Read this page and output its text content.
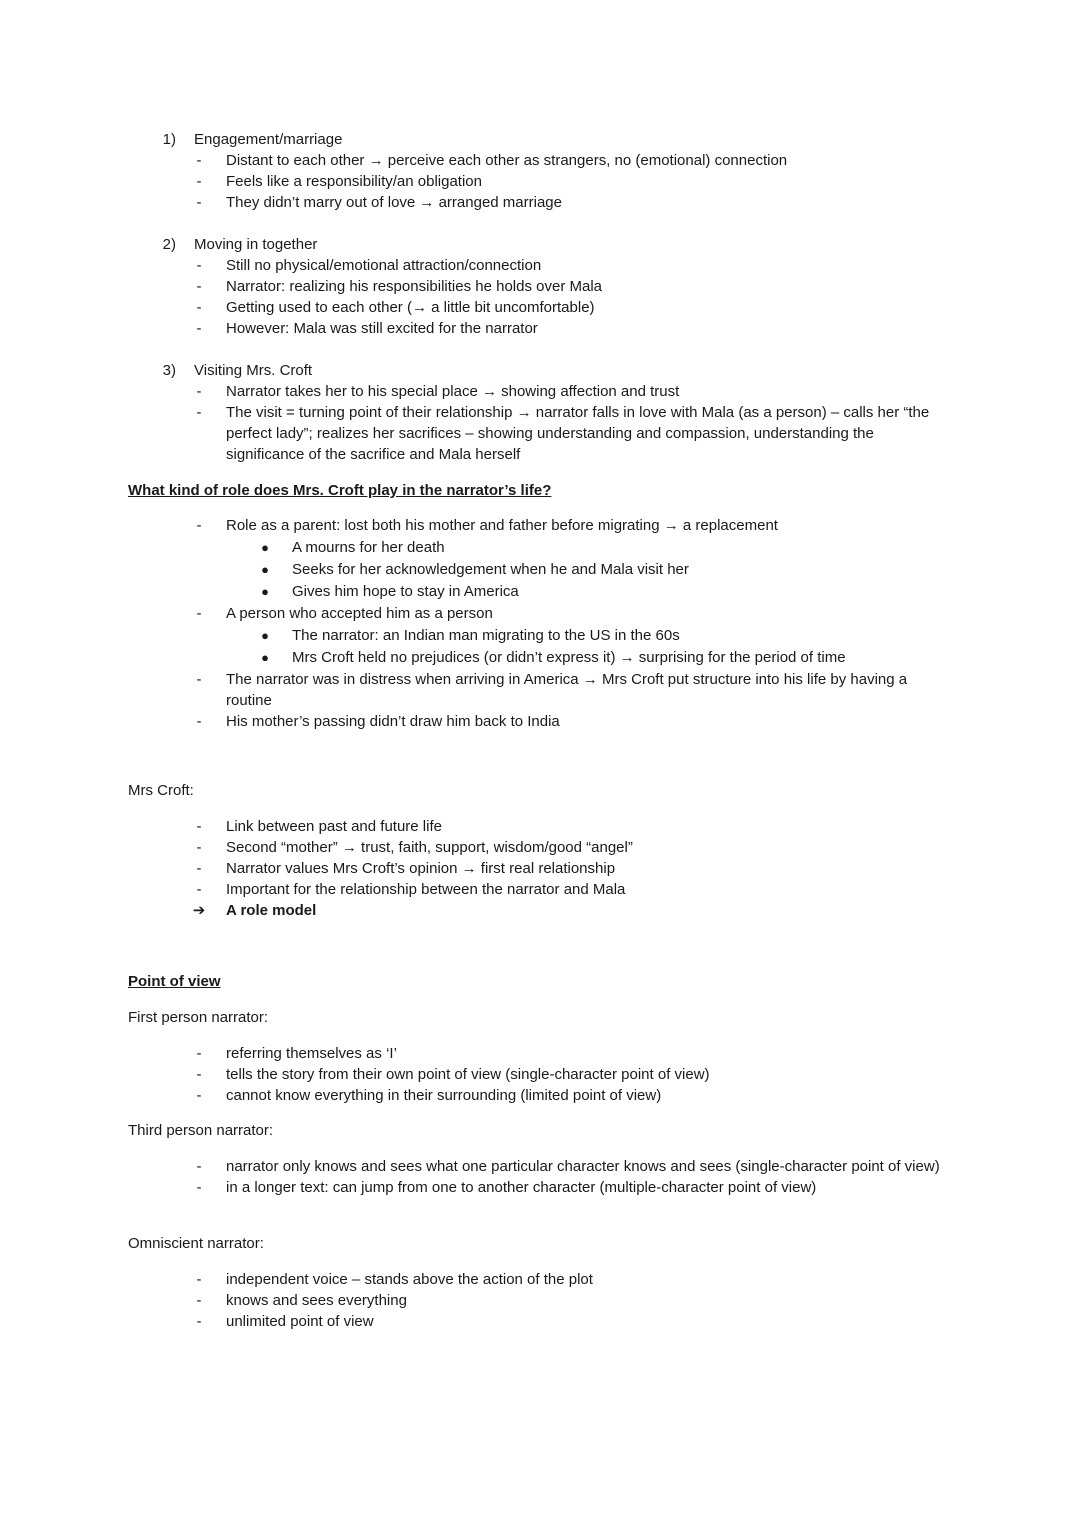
1) Engagement/marriage
- Distant to each other → perceive each other as strangers, no (emotional) connection
- Feels like a responsibility/an obligation
- They didn’t marry out of love → arranged marriage
2) Moving in together
- Still no physical/emotional attraction/connection
- Narrator: realizing his responsibilities he holds over Mala
- Getting used to each other (→ a little bit uncomfortable)
- However: Mala was still excited for the narrator
3) Visiting Mrs. Croft
- Narrator takes her to his special place → showing affection and trust
- The visit = turning point of their relationship → narrator falls in love with Mala (as a person) – calls her “the perfect lady”; realizes her sacrifices – showing understanding and compassion, understanding the significance of the sacrifice and Mala herself
What kind of role does Mrs. Croft play in the narrator’s life?
- Role as a parent: lost both his mother and father before migrating → a replacement
● A mourns for her death
● Seeks for her acknowledgement when he and Mala visit her
● Gives him hope to stay in America
- A person who accepted him as a person
● The narrator: an Indian man migrating to the US in the 60s
● Mrs Croft held no prejudices (or didn’t express it) → surprising for the period of time
- The narrator was in distress when arriving in America → Mrs Croft put structure into his life by having a routine
- His mother’s passing didn’t draw him back to India
Mrs Croft:
- Link between past and future life
- Second “mother” → trust, faith, support, wisdom/good “angel”
- Narrator values Mrs Croft’s opinion → first real relationship
- Important for the relationship between the narrator and Mala
➔ A role model
Point of view
First person narrator:
- referring themselves as ‘I’
- tells the story from their own point of view (single-character point of view)
- cannot know everything in their surrounding (limited point of view)
Third person narrator:
- narrator only knows and sees what one particular character knows and sees (single-character point of view)
- in a longer text: can jump from one to another character (multiple-character point of view)
Omniscient narrator:
- independent voice – stands above the action of the plot
- knows and sees everything
- unlimited point of view
